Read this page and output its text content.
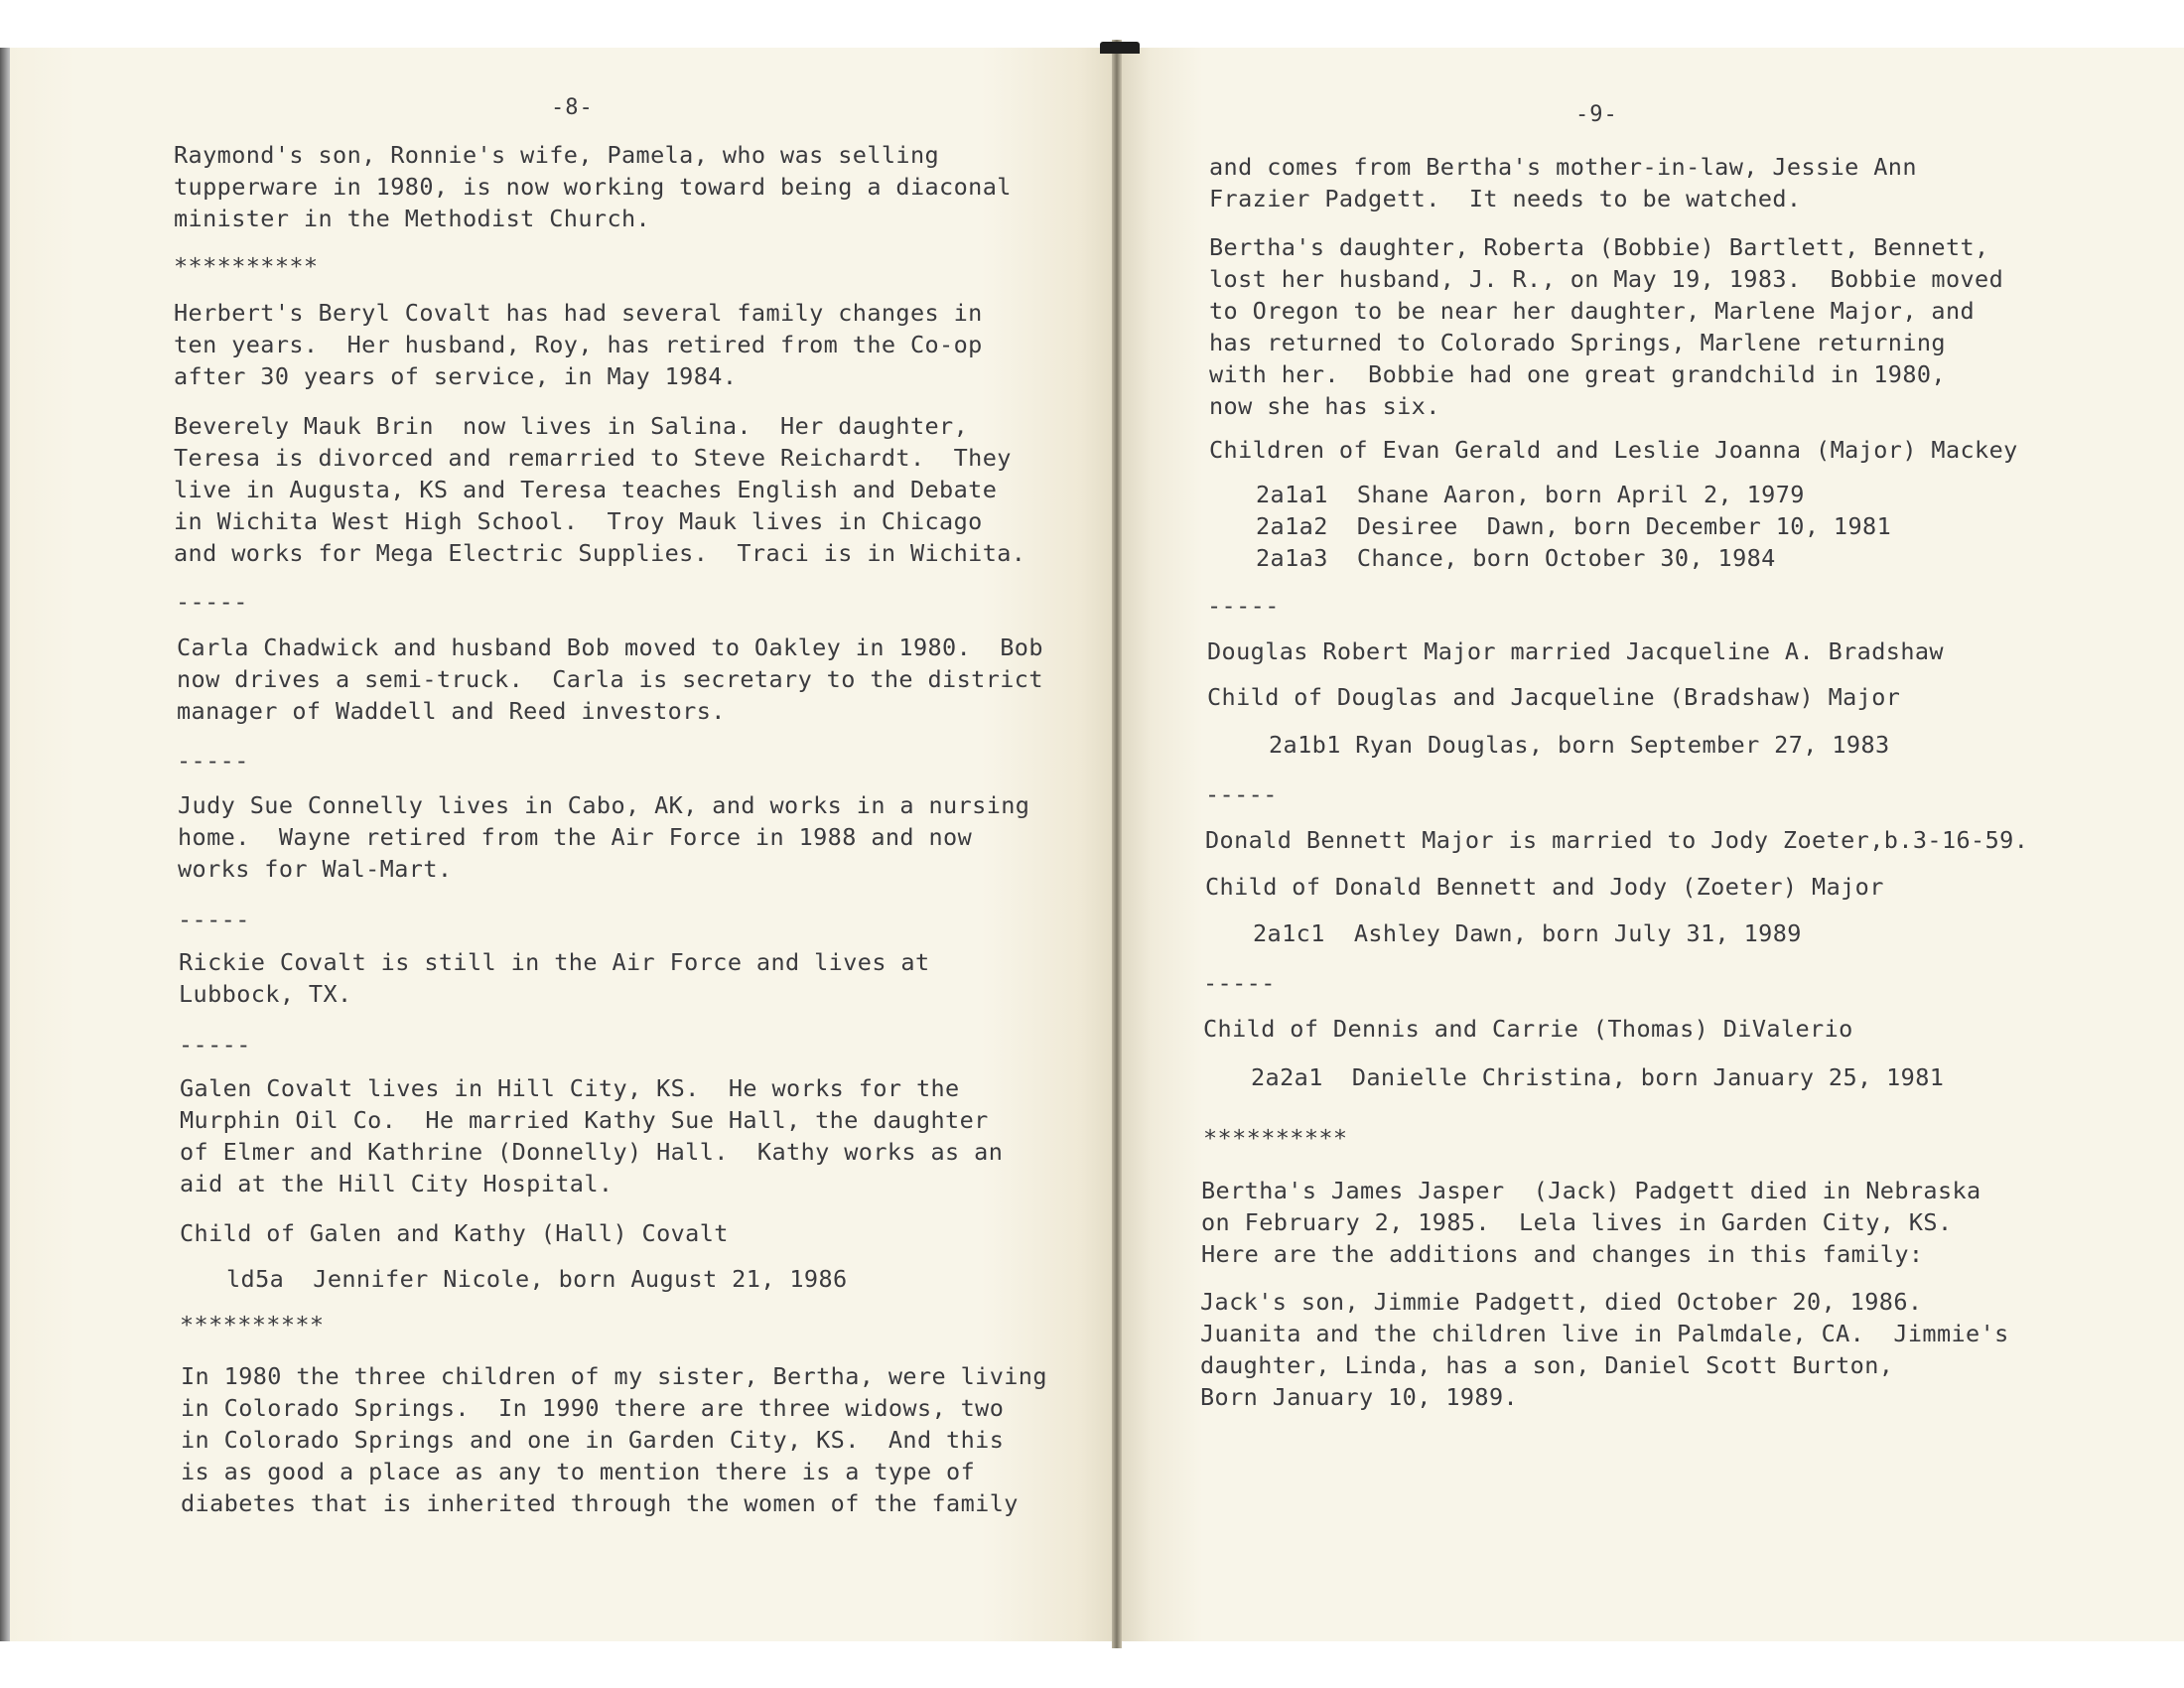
-8-

Raymond's son, Ronnie's wife, Pamela, who was selling
tupperware in 1980, is now working toward being a diaconal
minister in the Methodist Church.

**********

Herbert's Beryl Covalt has had several family changes in
ten years.  Her husband, Roy, has retired from the Co-op
after 30 years of service, in May 1984.

Beverely Mauk Brin  now lives in Salina.  Her daughter,
Teresa is divorced and remarried to Steve Reichardt.  They
live in Augusta, KS and Teresa teaches English and Debate
in Wichita West High School.  Troy Mauk lives in Chicago
and works for Mega Electric Supplies.  Traci is in Wichita.

-----

Carla Chadwick and husband Bob moved to Oakley in 1980.  Bob
now drives a semi-truck.  Carla is secretary to the district
manager of Waddell and Reed investors.

-----

Judy Sue Connelly lives in Cabo, AK, and works in a nursing
home.  Wayne retired from the Air Force in 1988 and now
works for Wal-Mart.

-----

Rickie Covalt is still in the Air Force and lives at
Lubbock, TX.

-----

Galen Covalt lives in Hill City, KS.  He works for the
Murphin Oil Co.  He married Kathy Sue Hall, the daughter
of Elmer and Kathrine (Donnelly) Hall.  Kathy works as an
aid at the Hill City Hospital.

Child of Galen and Kathy (Hall) Covalt

ld5a  Jennifer Nicole, born August 21, 1986

**********

In 1980 the three children of my sister, Bertha, were living
in Colorado Springs.  In 1990 there are three widows, two
in Colorado Springs and one in Garden City, KS.  And this
is as good a place as any to mention there is a type of
diabetes that is inherited through the women of the family

-9-

and comes from Bertha's mother-in-law, Jessie Ann
Frazier Padgett.  It needs to be watched.

Bertha's daughter, Roberta (Bobbie) Bartlett, Bennett,
lost her husband, J. R., on May 19, 1983.  Bobbie moved
to Oregon to be near her daughter, Marlene Major, and
has returned to Colorado Springs, Marlene returning
with her.  Bobbie had one great grandchild in 1980,
now she has six.

Children of Evan Gerald and Leslie Joanna (Major) Mackey

2a1a1  Shane Aaron, born April 2, 1979
2a1a2  Desiree  Dawn, born December 10, 1981
2a1a3  Chance, born October 30, 1984

-----

Douglas Robert Major married Jacqueline A. Bradshaw

Child of Douglas and Jacqueline (Bradshaw) Major

2a1b1 Ryan Douglas, born September 27, 1983

-----

Donald Bennett Major is married to Jody Zoeter,b.3-16-59.

Child of Donald Bennett and Jody (Zoeter) Major

2a1c1  Ashley Dawn, born July 31, 1989

-----

Child of Dennis and Carrie (Thomas) DiValerio

2a2a1  Danielle Christina, born January 25, 1981

**********

Bertha's James Jasper  (Jack) Padgett died in Nebraska
on February 2, 1985.  Lela lives in Garden City, KS.
Here are the additions and changes in this family:

Jack's son, Jimmie Padgett, died October 20, 1986.
Juanita and the children live in Palmdale, CA.  Jimmie's
daughter, Linda, has a son, Daniel Scott Burton,
Born January 10, 1989.
